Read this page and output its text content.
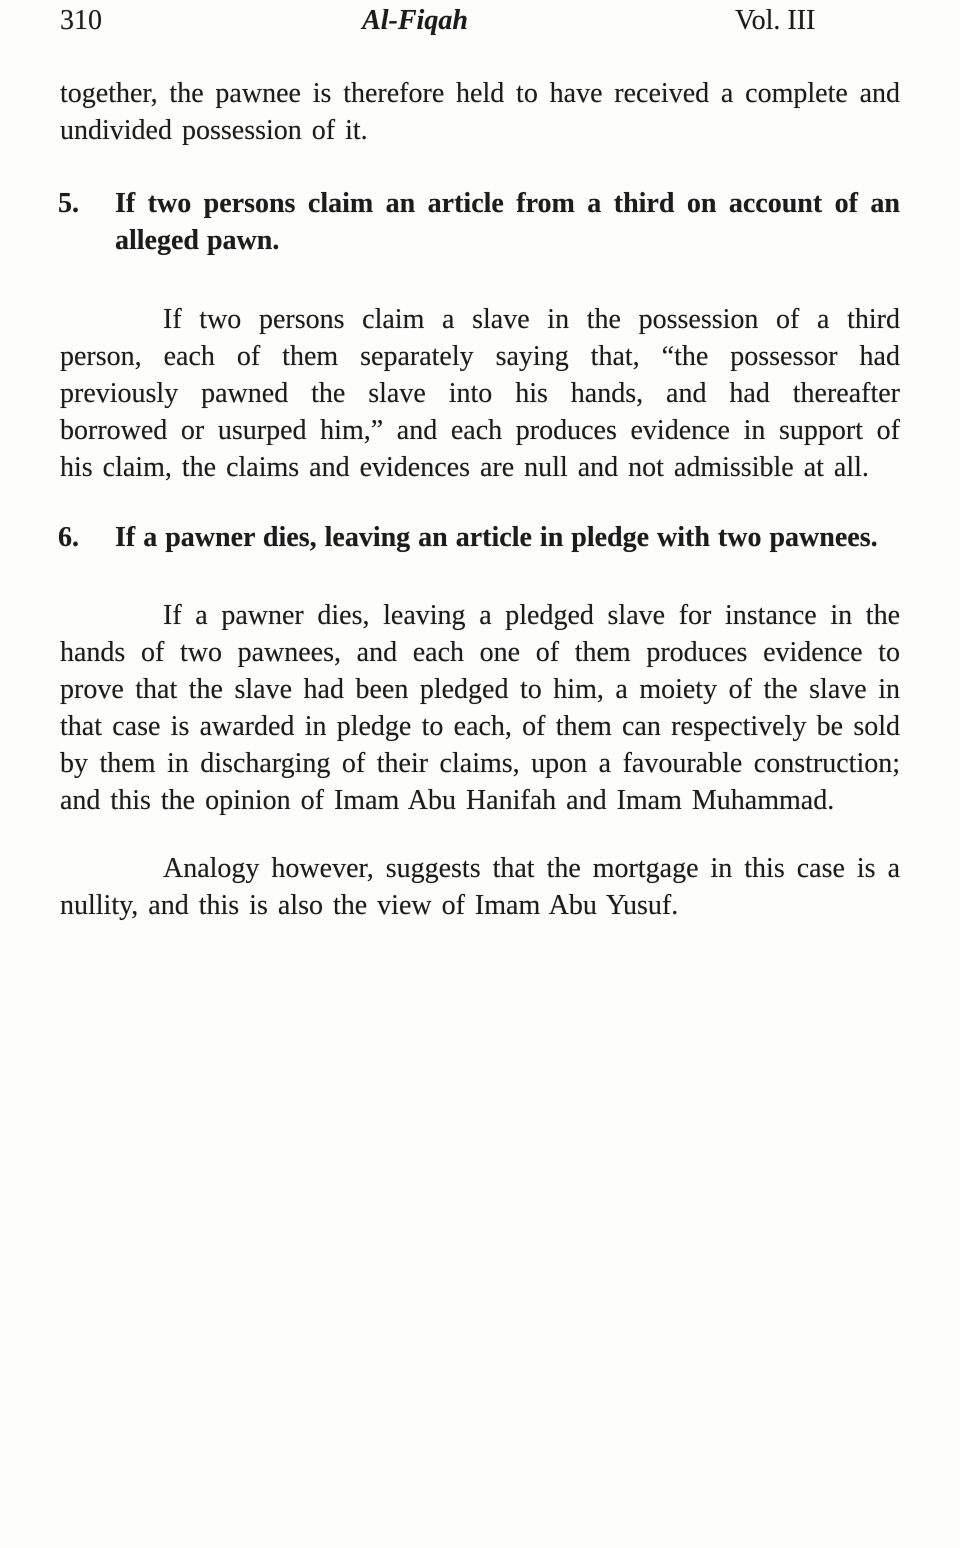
310	Al-Fiqah	Vol. III

together, the pawnee is therefore held to have received a complete and undivided possession of it.

5. If two persons claim an article from a third on account of an alleged pawn.

If two persons claim a slave in the possession of a third person, each of them separately saying that, “the possessor had previously pawned the slave into his hands, and had thereafter borrowed or usurped him,” and each produces evidence in support of his claim, the claims and evidences are null and not admissible at all.

6. If a pawner dies, leaving an article in pledge with two pawnees.

If a pawner dies, leaving a pledged slave for instance in the hands of two pawnees, and each one of them produces evidence to prove that the slave had been pledged to him, a moiety of the slave in that case is awarded in pledge to each, of them can respectively be sold by them in discharging of their claims, upon a favourable construction; and this the opinion of Imam Abu Hanifah and Imam Muhammad.

Analogy however, suggests that the mortgage in this case is a nullity, and this is also the view of Imam Abu Yusuf.
